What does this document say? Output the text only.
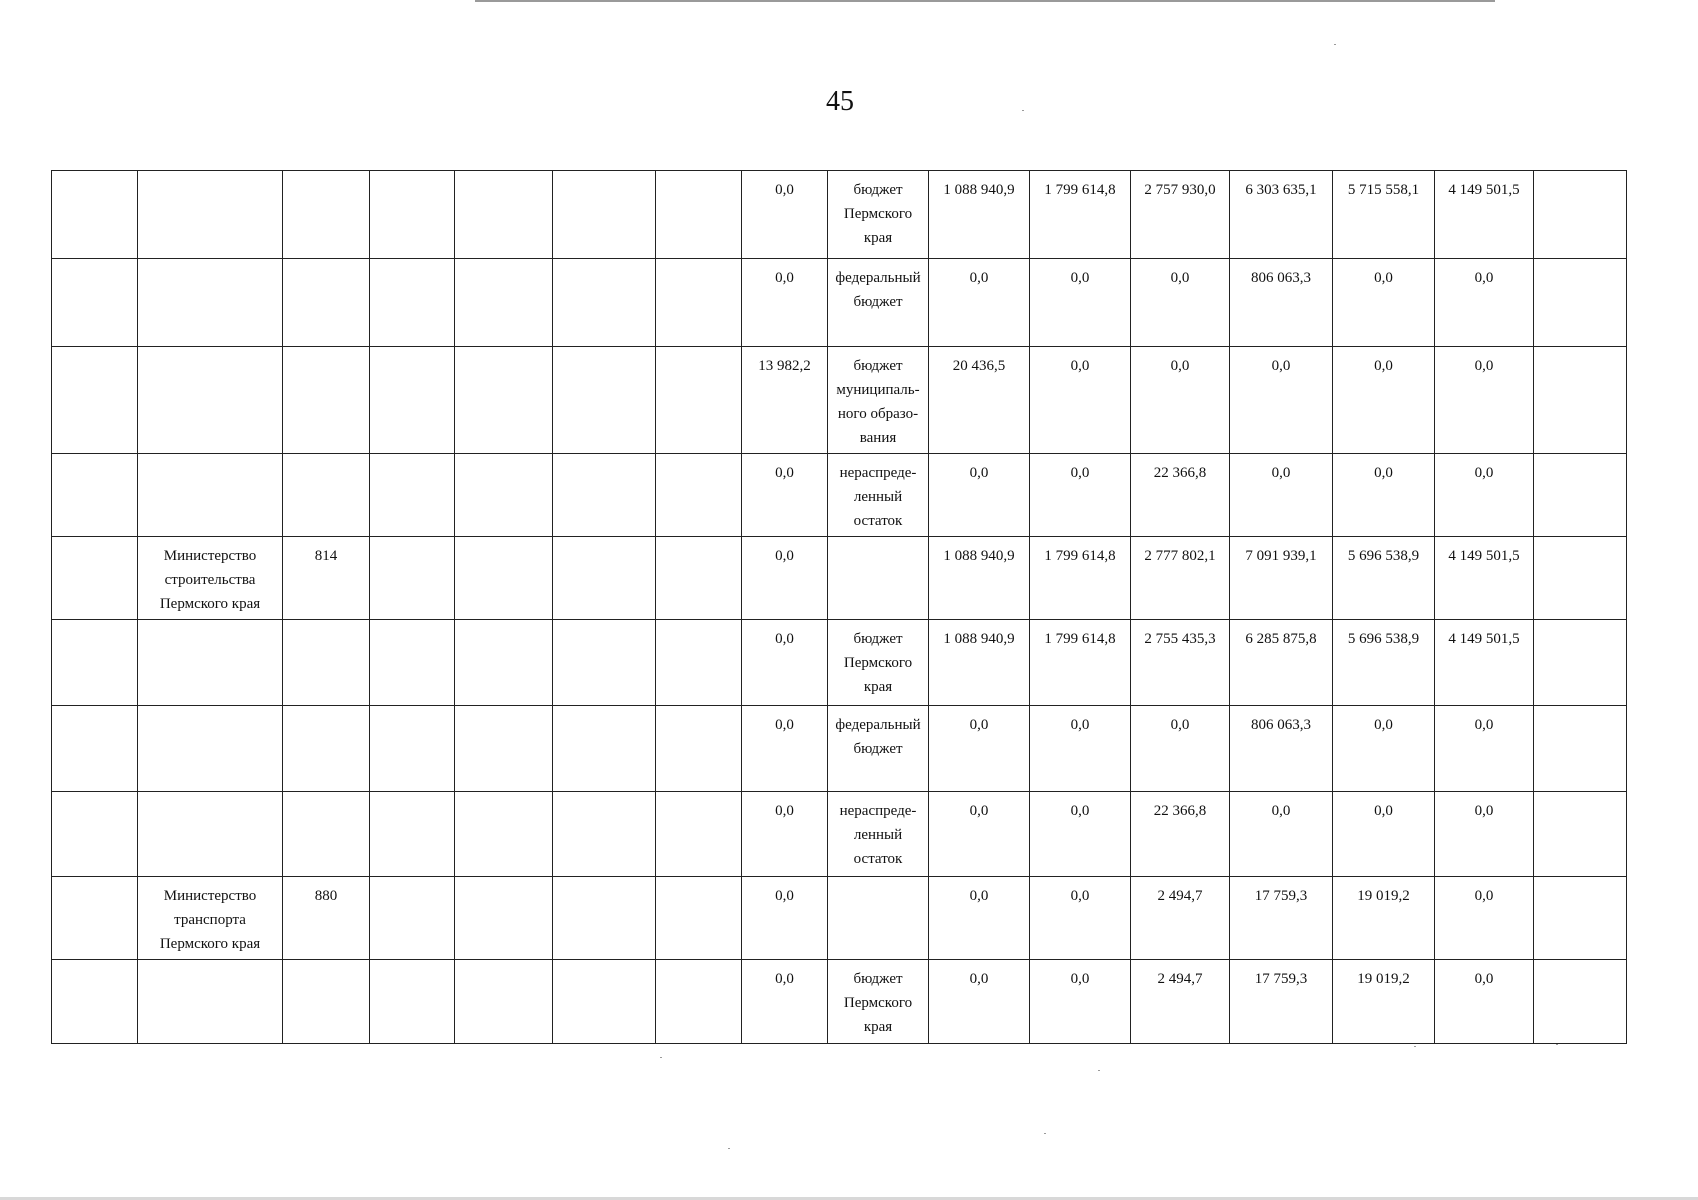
45
							0,0	бюджет Пермского края	1 088 940,9	1 799 614,8	2 757 930,0	6 303 635,1	5 715 558,1	4 149 501,5	
							0,0	федеральный бюджет	0,0	0,0	0,0	806 063,3	0,0	0,0	
							13 982,2	бюджет муниципаль-ного образо-вания	20 436,5	0,0	0,0	0,0	0,0	0,0	
							0,0	нераспреде-ленный остаток	0,0	0,0	22 366,8	0,0	0,0	0,0	
	Министерство строительства Пермского края	814					0,0		1 088 940,9	1 799 614,8	2 777 802,1	7 091 939,1	5 696 538,9	4 149 501,5	
							0,0	бюджет Пермского края	1 088 940,9	1 799 614,8	2 755 435,3	6 285 875,8	5 696 538,9	4 149 501,5	
							0,0	федеральный бюджет	0,0	0,0	0,0	806 063,3	0,0	0,0	
							0,0	нераспреде-ленный остаток	0,0	0,0	22 366,8	0,0	0,0	0,0	
	Министерство транспорта Пермского края	880					0,0		0,0	0,0	2 494,7	17 759,3	19 019,2	0,0	
							0,0	бюджет Пермского края	0,0	0,0	2 494,7	17 759,3	19 019,2	0,0	
